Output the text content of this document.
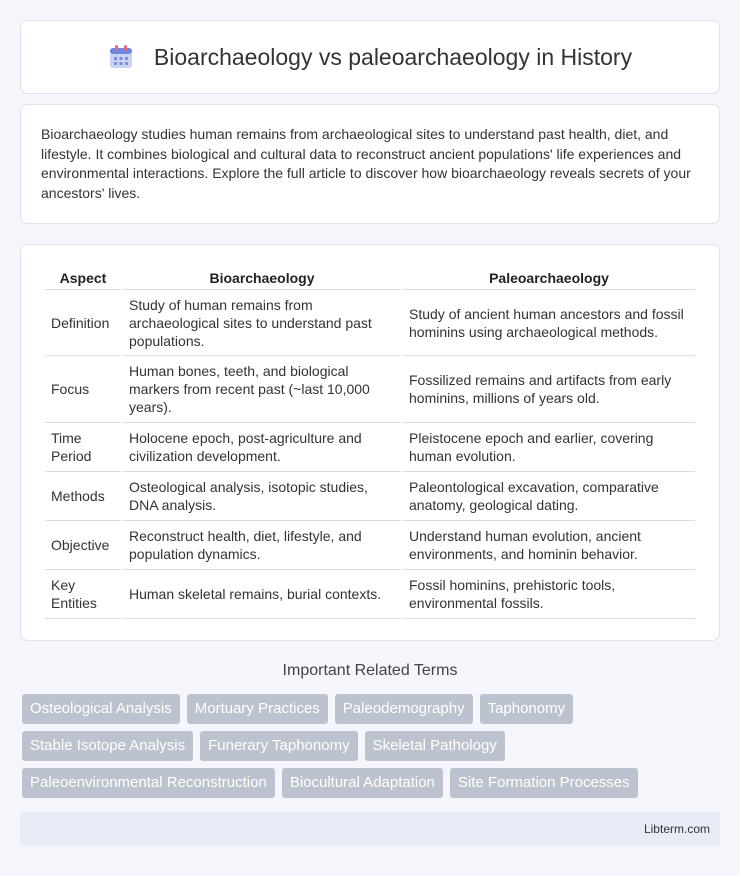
Bioarchaeology vs paleoarchaeology in History

Bioarchaeology studies human remains from archaeological sites to understand past health, diet, and lifestyle. It combines biological and cultural data to reconstruct ancient populations' life experiences and environmental interactions. Explore the full article to discover how bioarchaeology reveals secrets of your ancestors' lives.

Aspect	Bioarchaeology	Paleoarchaeology
Definition	Study of human remains from archaeological sites to understand past populations.	Study of ancient human ancestors and fossil hominins using archaeological methods.
Focus	Human bones, teeth, and biological markers from recent past (~last 10,000 years).	Fossilized remains and artifacts from early hominins, millions of years old.
Time Period	Holocene epoch, post-agriculture and civilization development.	Pleistocene epoch and earlier, covering human evolution.
Methods	Osteological analysis, isotopic studies, DNA analysis.	Paleontological excavation, comparative anatomy, geological dating.
Objective	Reconstruct health, diet, lifestyle, and population dynamics.	Understand human evolution, ancient environments, and hominin behavior.
Key Entities	Human skeletal remains, burial contexts.	Fossil hominins, prehistoric tools, environmental fossils.
Important Related Terms
Osteological Analysis	Mortuary Practices	Paleodemography	Taphonomy
Stable Isotope Analysis	Funerary Taphonomy	Skeletal Pathology
Paleoenvironmental Reconstruction	Biocultural Adaptation	Site Formation Processes
Libterm.com
